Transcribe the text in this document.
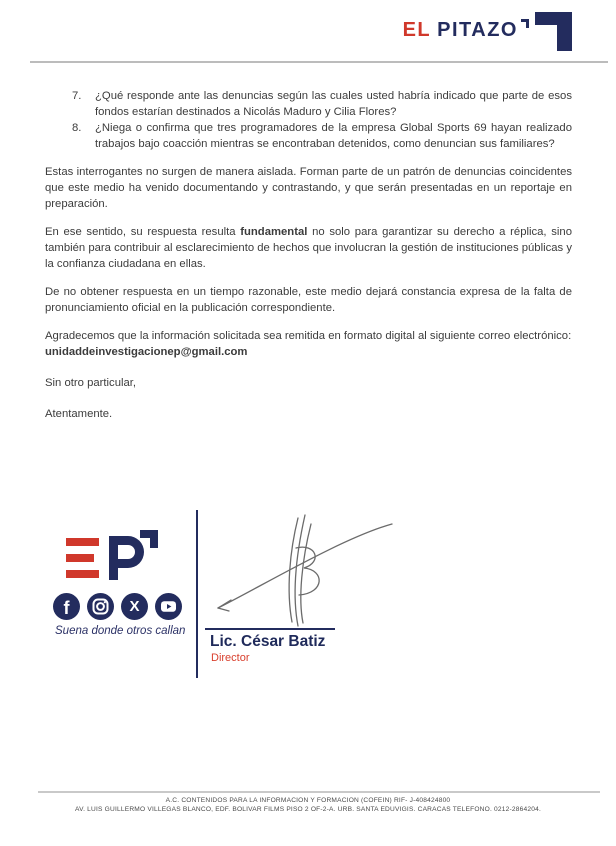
EL PITAZO
7.	¿Qué responde ante las denuncias según las cuales usted habría indicado que parte de esos fondos estarían destinados a Nicolás Maduro y Cilia Flores?
8.	¿Niega o confirma que tres programadores de la empresa Global Sports 69 hayan realizado trabajos bajo coacción mientras se encontraban detenidos, como denuncian sus familiares?
Estas interrogantes no surgen de manera aislada. Forman parte de un patrón de denuncias coincidentes que este medio ha venido documentando y contrastando, y que serán presentadas en un reportaje en preparación.
En ese sentido, su respuesta resulta fundamental no solo para garantizar su derecho a réplica, sino también para contribuir al esclarecimiento de hechos que involucran la gestión de instituciones públicas y la confianza ciudadana en ellas.
De no obtener respuesta en un tiempo razonable, este medio dejará constancia expresa de la falta de pronunciamiento oficial en la publicación correspondiente.
Agradecemos que la información solicitada sea remitida en formato digital al siguiente correo electrónico:
unidaddeinvestigacionep@gmail.com
Sin otro particular,
Atentamente.
f	X
Suena donde otros callan
Lic. César Batiz
Director
A.C. CONTENIDOS PARA LA INFORMACION Y FORMACION (COFEIN) RIF- J-408424800
AV. LUIS GUILLERMO VILLEGAS BLANCO, EDF. BOLIVAR FILMS PISO 2 OF-2-A. URB. SANTA EDUVIGIS. CARACAS TELEFONO. 0212-2864204.
